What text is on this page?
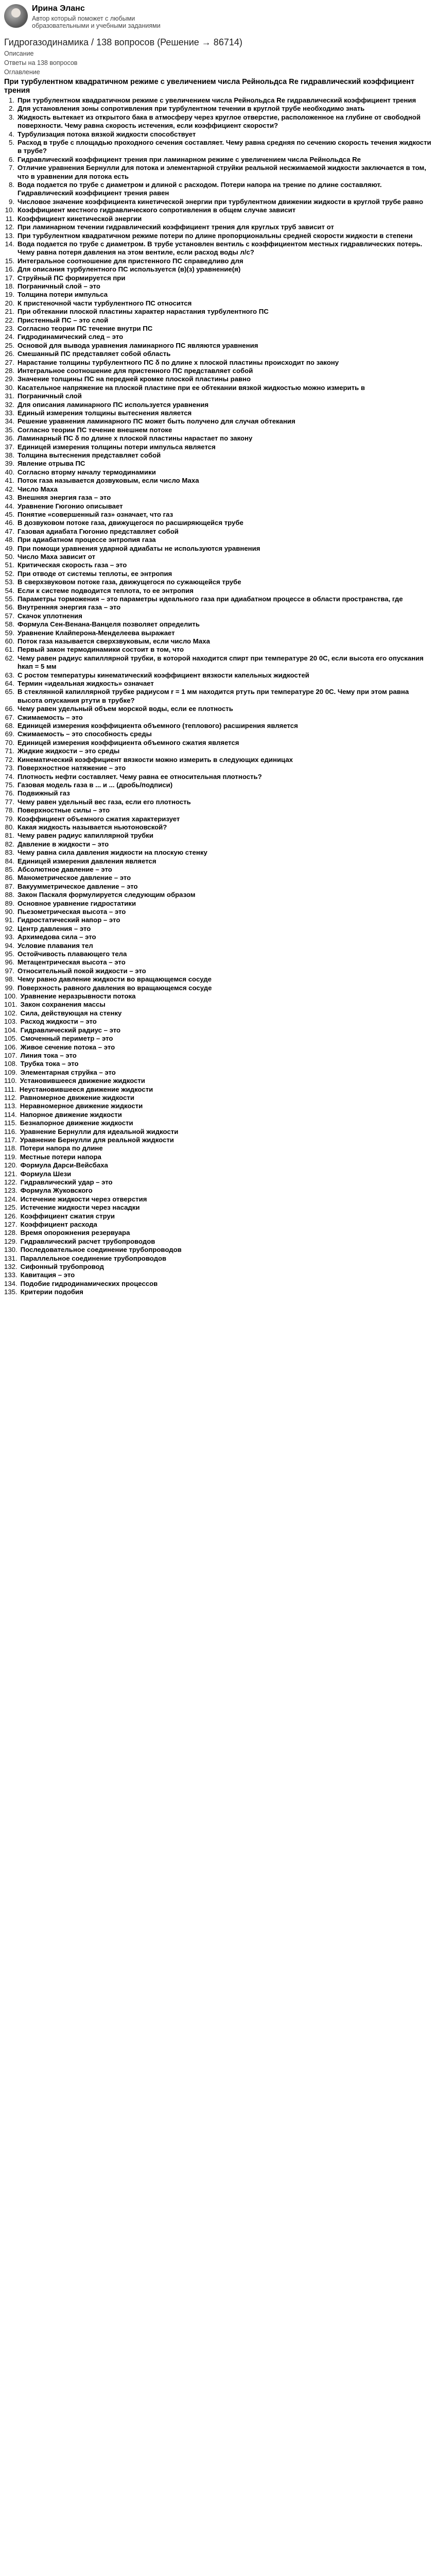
Ирина Эланс
Автор который поможет с любыми образовательными и учебными заданиями
Гидрогазодинамика / 138 вопросов (Решение → 86714)
Описание
Ответы на 138 вопросов
Оглавление
При турбулентном квадратичном режиме с увеличением числа Рейнольдса Re гидравлический коэффициент трения
1. При турбулентном квадратичном режиме с увеличением числа Рейнольдса Re гидравлический коэффициент трения
2. Для установления зоны сопротивления при турбулентном течении в круглой трубе необходимо знать
3. Жидкость вытекает из открытого бака в атмосферу через круглое отверстие, расположенное на глубине от свободной поверхности. Чему равна скорость истечения, если коэффициент скорости?
4. Турбулизация потока вязкой жидкости способствует
5. Расход в трубе с площадью проходного сечения составляет. Чему равна средняя по сечению скорость течения жидкости в трубе?
6. Гидравлический коэффициент трения при ламинарном режиме с увеличением числа Рейнольдса Re
7. Отличие уравнения Бернулли для потока и элементарной струйки реальной несжимаемой жидкости заключается в том, что в уравнении для потока есть
8. Вода подается по трубе с диаметром и длиной с расходом. Потери напора на трение по длине составляют. Гидравлический коэффициент трения равен
9. Числовое значение коэффициента кинетической энергии при турбулентном движении жидкости в круглой трубе равно
10. Коэффициент местного гидравлического сопротивления в общем случае зависит
11. Коэффициент кинетической энергии
12. При ламинарном течении гидравлический коэффициент трения для круглых труб зависит от
13. При турбулентном квадратичном режиме потери по длине пропорциональны средней скорости жидкости в степени
14. Вода подается по трубе с диаметром. В трубе установлен вентиль с коэффициентом местных гидравлических потерь. Чему равна потеря давления на этом вентиле, если расход воды л/с?
15. Интегральное соотношение для пристенного ПС справедливо для
16. Для описания турбулентного ПС используется (в)(з) уравнение(я)
17. Струйный ПС формируется при
18. Пограничный слой – это
19. Толщина потери импульса
20. К пристеночной части турбулентного ПС относится
21. При обтекании плоской пластины характер нарастания турбулентного ПС
22. Пристенный ПС – это слой
23. Согласно теории ПС течение внутри ПС
24. Гидродинамический след – это
25. Основой для вывода уравнения ламинарного ПС являются уравнения
26. Смешанный ПС представляет собой область
27. Нарастание толщины турбулентного ПС δ по длине х плоской пластины происходит по закону
28. Интегральное соотношение для пристенного ПС представляет собой
29. Значение толщины ПС на передней кромке плоской пластины равно
30. Касательное напряжение на плоской пластине при ее обтекании вязкой жидкостью можно измерить в
31. Пограничный слой
32. Для описания ламинарного ПС используется уравнения
33. Единый измерения толщины вытеснения является
34. Решение уравнения ламинарного ПС может быть получено для случая обтекания
35. Согласно теории ПС течение внешнем потоке
36. Ламинарный ПС δ по длине х плоской пластины нарастает по закону
37. Единицей измерения толщины потери импульса является
38. Толщина вытеснения представляет собой
39. Явление отрыва ПС
40. Согласно вторму началу термодинамики
41. Поток газа называется дозвуковым, если число Маха
42. Число Маха
43. Внешняя энергия газа – это
44. Уравнение Гюгонио описывает
45. Понятие «совершенный газ» означает, что газ
46. В дозвуковом потоке газа, движущегося по расширяющейся трубе
47. Газовая адиабата Гюгонио представляет собой
48. При адиабатном процессе энтропия газа
49. При помощи уравнения ударной адиабаты не используются уравнения
50. Число Маха зависит от
51. Критическая скорость газа – это
52. При отводе от системы теплоты, ее энтропия
53. В сверхзвуковом потоке газа, движущегося по сужающейся трубе
54. Если к системе подводится теплота, то ее энтропия
55. Параметры торможения – это параметры идеального газа при адиабатном процессе в области пространства, где
56. Внутренняя энергия газа – это
57. Скачок уплотнения
58. Формула Сен-Венана-Ванцеля позволяет определить
59. Уравнение Клайперона-Менделеева выражает
60. Поток газа называется сверхзвуковым, если число Маха
61. Первый закон термодинамики состоит в том, что
62. Чему равен радиус капиллярной трубки, в которой находится спирт при температуре 20 0С, если высота его опускания hкап = 5 мм
63. С ростом температуры кинематический коэффициент вязкости капельных жидкостей
64. Термин «идеальная жидкость» означает
65. В стеклянной капиллярной трубке радиусом r = 1 мм находится ртуть при температуре 20 0С. Чему при этом равна высота опускания ртути в трубке?
66. Чему равен удельный объем морской воды, если ее плотность
67. Сжимаемость – это
68. Единицей измерения коэффициента объемного (теплового) расширения является
69. Сжимаемость – это способность среды
70. Единицей измерения коэффициента объемного сжатия является
71. Жидкие жидкости – это среды
72. Кинематический коэффициент вязкости можно измерить в следующих единицах
73. Поверхностное натяжение – это
74. Плотность нефти составляет. Чему равна ее относительная плотность?
75. Газовая модель газа в ... и ... (дробь/подписи)
76. Подвижный газ
77. Чему равен удельный вес газа, если его плотность
78. Поверхностные силы – это
79. Коэффициент объемного сжатия характеризует
80. Какая жидкость называется ньютоновской?
81. Чему равен радиус капиллярной трубки
82. Давление в жидкости – это
83. Чему равна сила давления жидкости на плоскую стенку
84. Единицей измерения давления является
85. Абсолютное давление – это
86. Манометрическое давление – это
87. Вакуумметрическое давление – это
88. Закон Паскаля формулируется следующим образом
89. Основное уравнение гидростатики
90. Пьезометрическая высота – это
91. Гидростатический напор – это
92. Центр давления – это
93. Архимедова сила – это
94. Условие плавания тел
95. Остойчивость плавающего тела
96. Метацентрическая высота – это
97. Относительный покой жидкости – это
98. Чему равно давление жидкости во вращающемся сосуде
99. Поверхность равного давления во вращающемся сосуде
100. Уравнение неразрывности потока
101. Закон сохранения массы
102. Сила, действующая на стенку
103. Расход жидкости – это
104. Гидравлический радиус – это
105. Смоченный периметр – это
106. Живое сечение потока – это
107. Линия тока – это
108. Трубка тока – это
109. Элементарная струйка – это
110. Установившееся движение жидкости
111. Неустановившееся движение жидкости
112. Равномерное движение жидкости
113. Неравномерное движение жидкости
114. Напорное движение жидкости
115. Безнапорное движение жидкости
116. Уравнение Бернулли для идеальной жидкости
117. Уравнение Бернулли для реальной жидкости
118. Потери напора по длине
119. Местные потери напора
120. Формула Дарси-Вейсбаха
121. Формула Шези
122. Гидравлический удар – это
123. Формула Жуковского
124. Истечение жидкости через отверстия
125. Истечение жидкости через насадки
126. Коэффициент сжатия струи
127. Коэффициент расхода
128. Время опорожнения резервуара
129. Гидравлический расчет трубопроводов
130. Последовательное соединение трубопроводов
131. Параллельное соединение трубопроводов
132. Сифонный трубопровод
133. Кавитация – это
134. Подобие гидродинамических процессов
135. Критерии подобия
